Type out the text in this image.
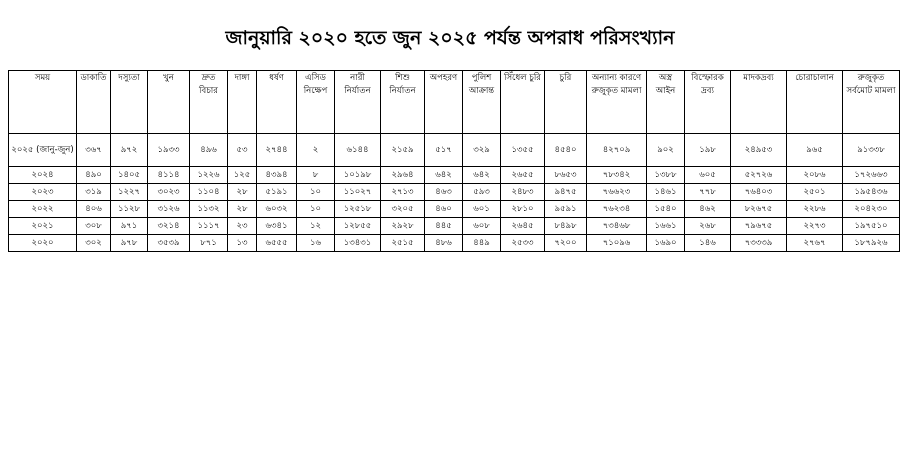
জানুয়ারি ২০২০ হতে জুন ২০২৫ পর্যন্ত অপরাধ পরিসংখ্যান
সময়	ডাকাতি	দস্যুতা	খুন	দ্রুত বিচার	দাঙ্গা	ধর্ষণ	এসিড নিক্ষেপ	নারী নির্যাতন	শিশু নির্যাতন	অপহরণ	পুলিশ আক্রান্ত	সিঁধেল চুরি	চুরি	অন্যান্য কারণে রুজুকৃত মামলা	অস্ত্র আইন	বিস্ফোরক দ্রব্য	মাদকদ্রব্য	চোরাচালান	রুজুকৃত সর্বমোট মামলা
২০২৫ (জানু-জুন)	৩৬৭	৯৭২	১৯৩৩	৪৯৬	৫৩	২৭৪৪	২	৬১৪৪	২১৫৯	৫১৭	৩২৯	১৩৫৫	৪৫৪০	৪২৭০৯	৯০২	১৯৮	২৪৯৫৩	৯৬৫	৯১৩৩৮
২০২৪	৪৯০	১৪০৫	৪১১৪	১২২৬	১২৫	৪৩৯৪	৮	১০১৯৮	২৯৬৪	৬৪২	৬৪২	২৬৫৫	৮৬৫৩	৭৮৩৪২	১৩৮৮	৬০৫	৫২৭২৬	২০৮৬	১৭২৬৬৩
২০২৩	৩১৯	১২২৭	৩০২৩	১১০৪	২৮	৫১৯১	১০	১১০২৭	২৭১৩	৪৬৩	৫৯৩	২৪৮৩	৯৪৭৫	৭৬৬২৩	১৪৬১	৭৭৮	৭৬৪০৩	২৫০১	১৯৫৪৩৬
২০২২	৪০৬	১১২৮	৩১২৬	১১৩২	২৮	৬০৩২	১০	১২৫১৮	৩২০৫	৪৬০	৬০১	২৮১০	৯৫৯১	৭৬২৩৪	১৫৪০	৪৬২	৮২৬৭৫	২২৮৬	২০৪২৩০
২০২১	৩০৮	৯৭১	৩২১৪	১১১৭	২৩	৬৩৪১	১২	১২৮৫৫	২৯২৮	৪৪৫	৬০৮	২৬৪৫	৮৪৯৮	৭৩৪৬৮	১৬৬১	২৬৮	৭৯৬৭৫	২২৭৩	১৯৭৫১০
২০২০	৩০২	৯৭৮	৩৫৩৯	৮৭১	১৩	৬৫৫৫	১৬	১৩৪৩১	২৫১৫	৪৮৬	৪৪৯	২৫৩৩	৭২০০	৭১০৯৬	১৬৯০	১৪৬	৭৩৩৩৯	২৭৬৭	১৮৭৯২৬
